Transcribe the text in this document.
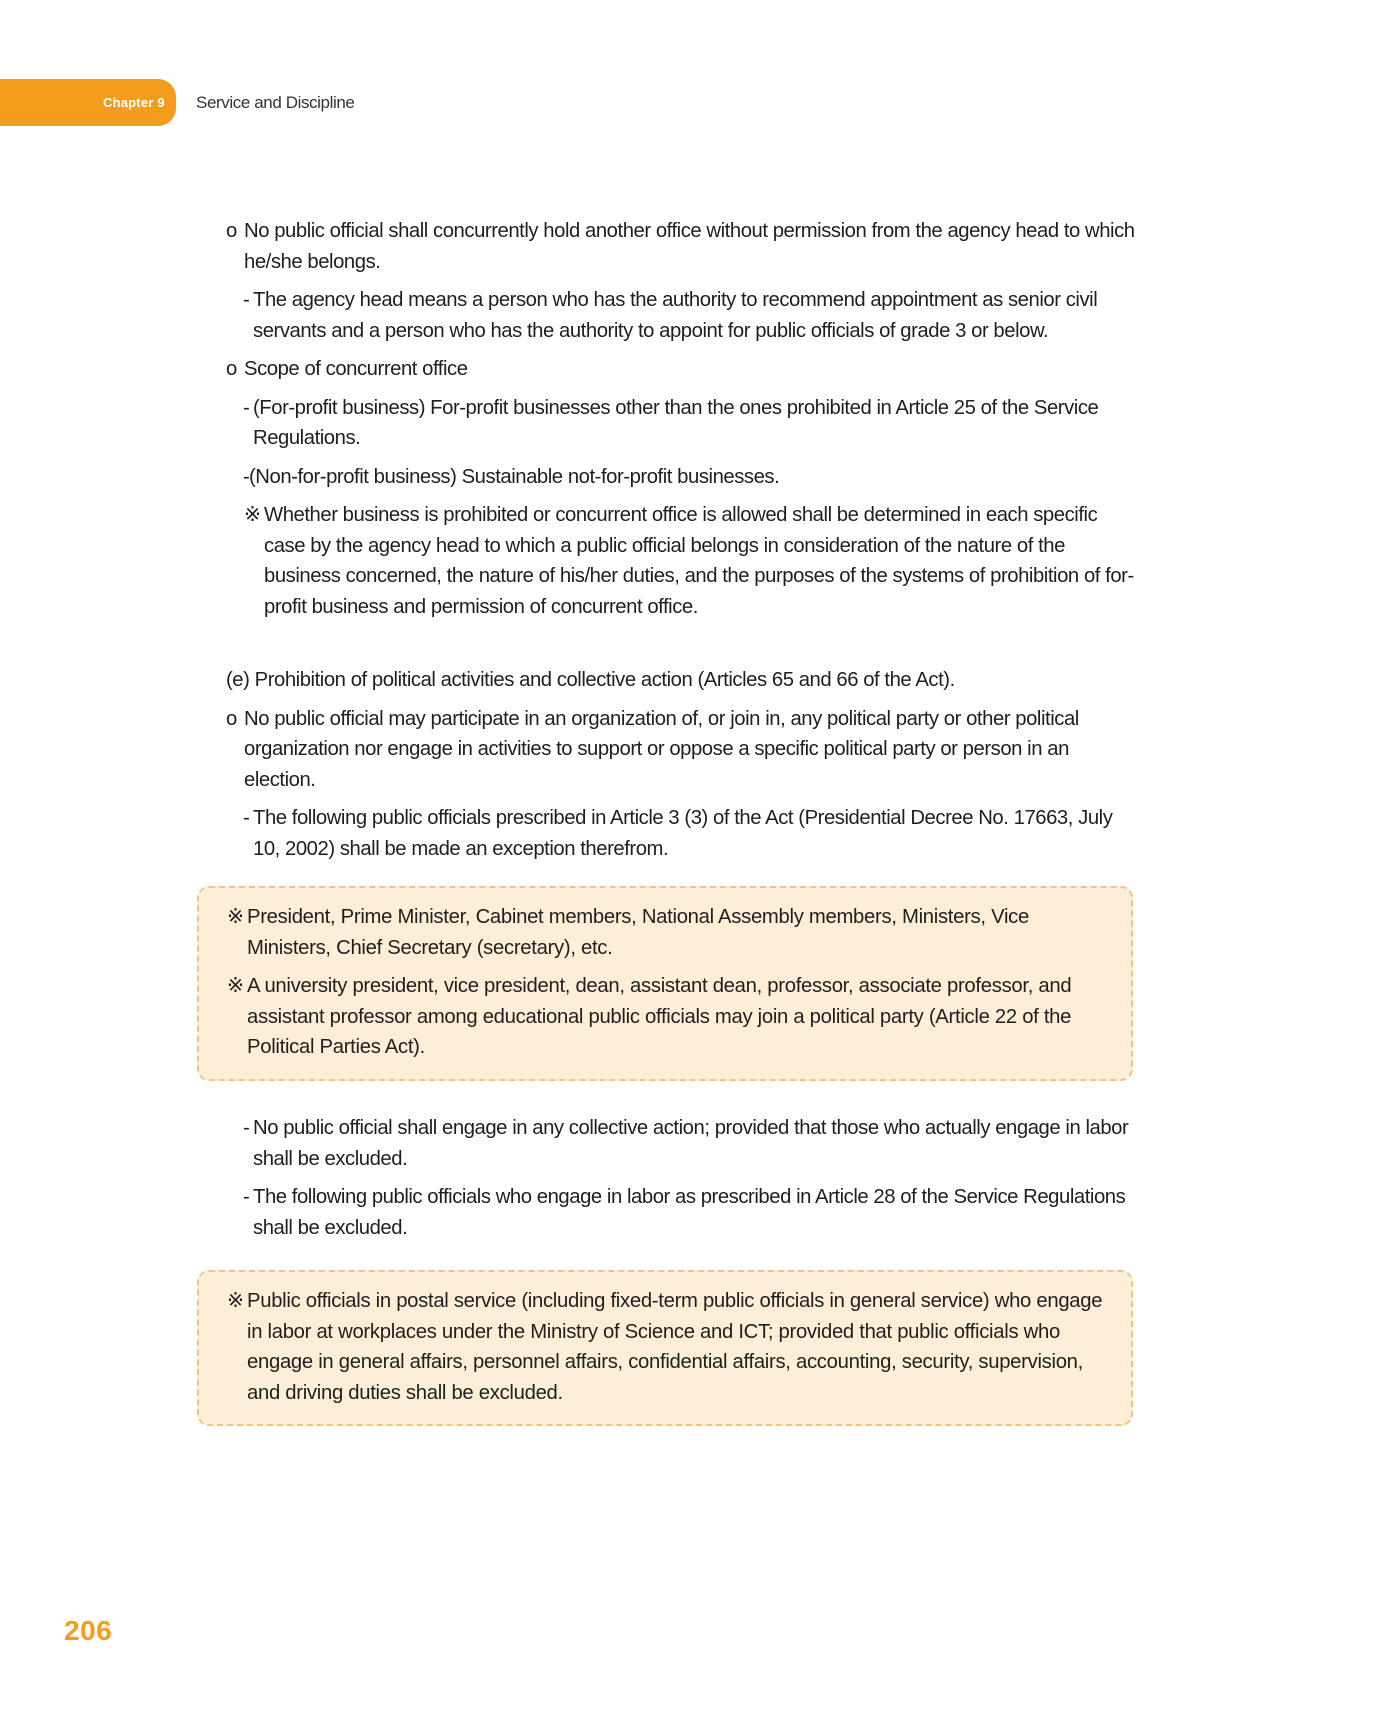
Chapter 9	Service and Discipline

o No public official shall concurrently hold another office without permission from the agency head to which he/she belongs.

- The agency head means a person who has the authority to recommend appointment as senior civil servants and a person who has the authority to appoint for public officials of grade 3 or below.

o Scope of concurrent office

- (For-profit business) For-profit businesses other than the ones prohibited in Article 25 of the Service Regulations.

- (Non-for-profit business) Sustainable not-for-profit businesses.

※ Whether business is prohibited or concurrent office is allowed shall be determined in each specific case by the agency head to which a public official belongs in consideration of the nature of the business concerned, the nature of his/her duties, and the purposes of the systems of prohibition of for-profit business and permission of concurrent office.

(e) Prohibition of political activities and collective action (Articles 65 and 66 of the Act).

o No public official may participate in an organization of, or join in, any political party or other political organization nor engage in activities to support or oppose a specific political party or person in an election.

- The following public officials prescribed in Article 3 (3) of the Act (Presidential Decree No. 17663, July 10, 2002) shall be made an exception therefrom.

※ President, Prime Minister, Cabinet members, National Assembly members, Ministers, Vice Ministers, Chief Secretary (secretary), etc.

※ A university president, vice president, dean, assistant dean, professor, associate professor, and assistant professor among educational public officials may join a political party (Article 22 of the Political Parties Act).

- No public official shall engage in any collective action; provided that those who actually engage in labor shall be excluded.

- The following public officials who engage in labor as prescribed in Article 28 of the Service Regulations shall be excluded.

※ Public officials in postal service (including fixed-term public officials in general service) who engage in labor at workplaces under the Ministry of Science and ICT; provided that public officials who engage in general affairs, personnel affairs, confidential affairs, accounting, security, supervision, and driving duties shall be excluded.

206
